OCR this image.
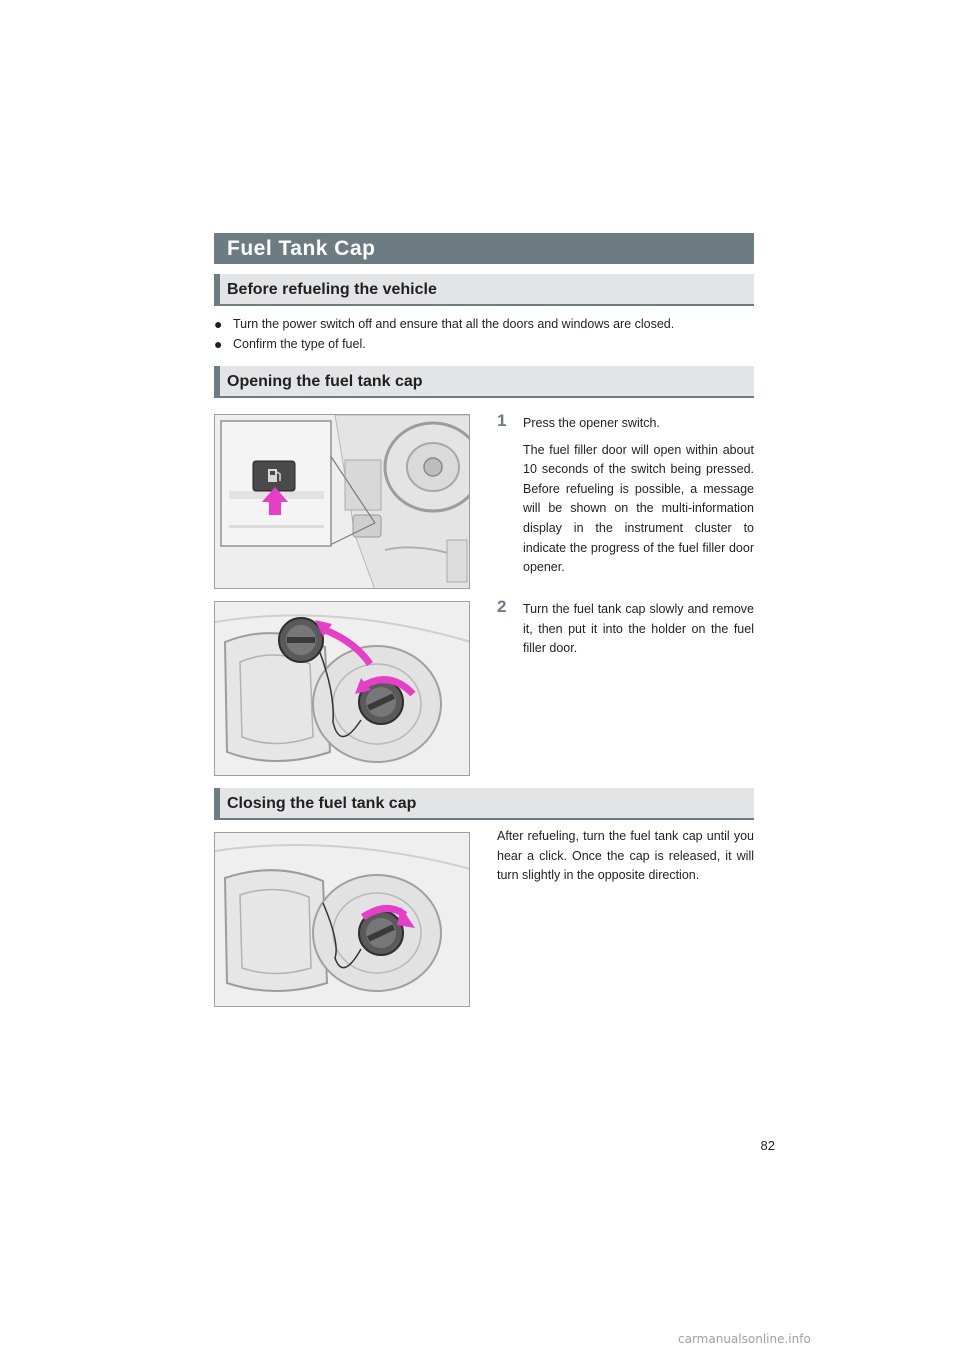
Fuel Tank Cap
Before refueling the vehicle
● Turn the power switch off and ensure that all the doors and windows are closed.
● Confirm the type of fuel.
Opening the fuel tank cap
1	Press the opener switch.
The fuel filler door will open within about 10 seconds of the switch being pressed. Before refueling is possible, a message will be shown on the multi-information display in the instrument cluster to indicate the progress of the fuel filler door opener.
2	Turn the fuel tank cap slowly and remove it, then put it into the holder on the fuel filler door.
Closing the fuel tank cap
After refueling, turn the fuel tank cap until you hear a click. Once the cap is released, it will turn slightly in the opposite direction.
82
carmanualsonline.info
